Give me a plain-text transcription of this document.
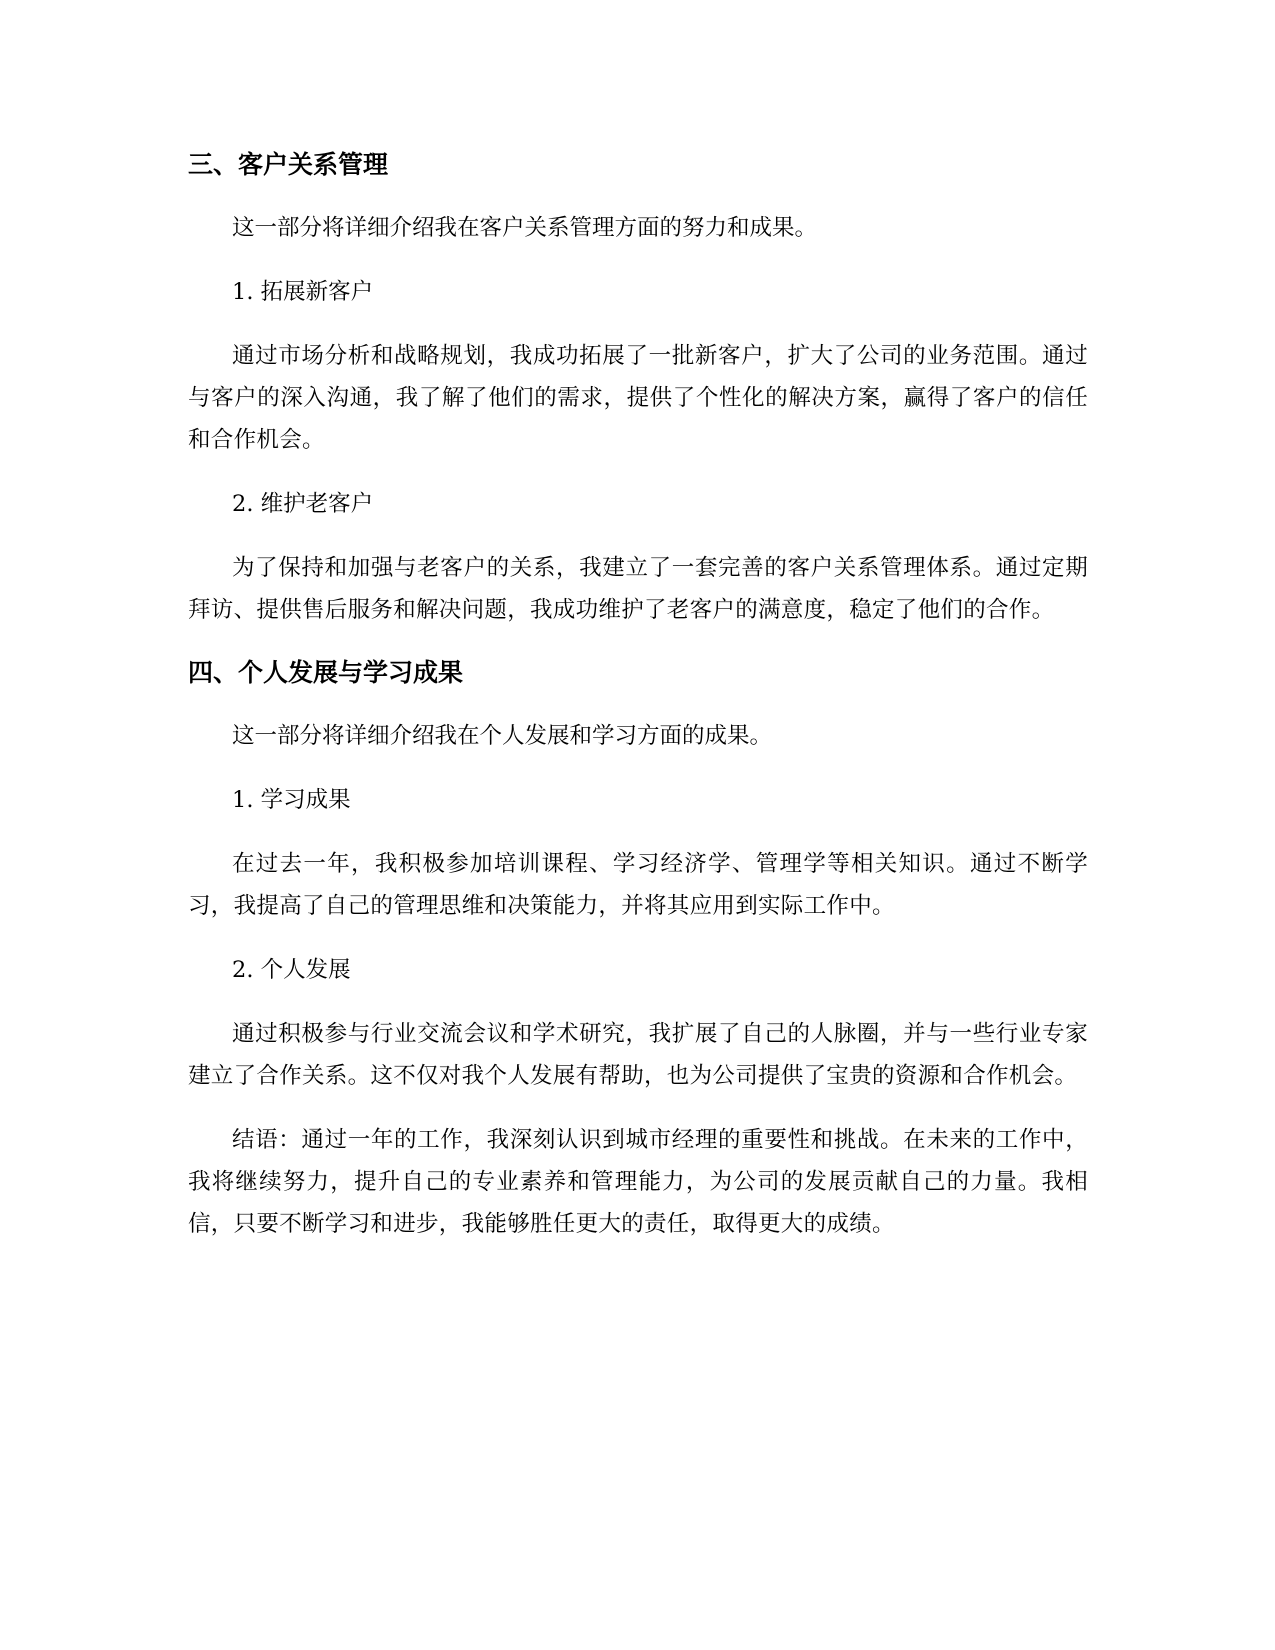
三、客户关系管理

这一部分将详细介绍我在客户关系管理方面的努力和成果。

1. 拓展新客户

通过市场分析和战略规划，我成功拓展了一批新客户，扩大了公司的业务范围。通过与客户的深入沟通，我了解了他们的需求，提供了个性化的解决方案，赢得了客户的信任和合作机会。

2. 维护老客户

为了保持和加强与老客户的关系，我建立了一套完善的客户关系管理体系。通过定期拜访、提供售后服务和解决问题，我成功维护了老客户的满意度，稳定了他们的合作。

四、个人发展与学习成果

这一部分将详细介绍我在个人发展和学习方面的成果。

1. 学习成果

在过去一年，我积极参加培训课程、学习经济学、管理学等相关知识。通过不断学习，我提高了自己的管理思维和决策能力，并将其应用到实际工作中。

2. 个人发展

通过积极参与行业交流会议和学术研究，我扩展了自己的人脉圈，并与一些行业专家建立了合作关系。这不仅对我个人发展有帮助，也为公司提供了宝贵的资源和合作机会。

结语：通过一年的工作，我深刻认识到城市经理的重要性和挑战。在未来的工作中，我将继续努力，提升自己的专业素养和管理能力，为公司的发展贡献自己的力量。我相信，只要不断学习和进步，我能够胜任更大的责任，取得更大的成绩。
